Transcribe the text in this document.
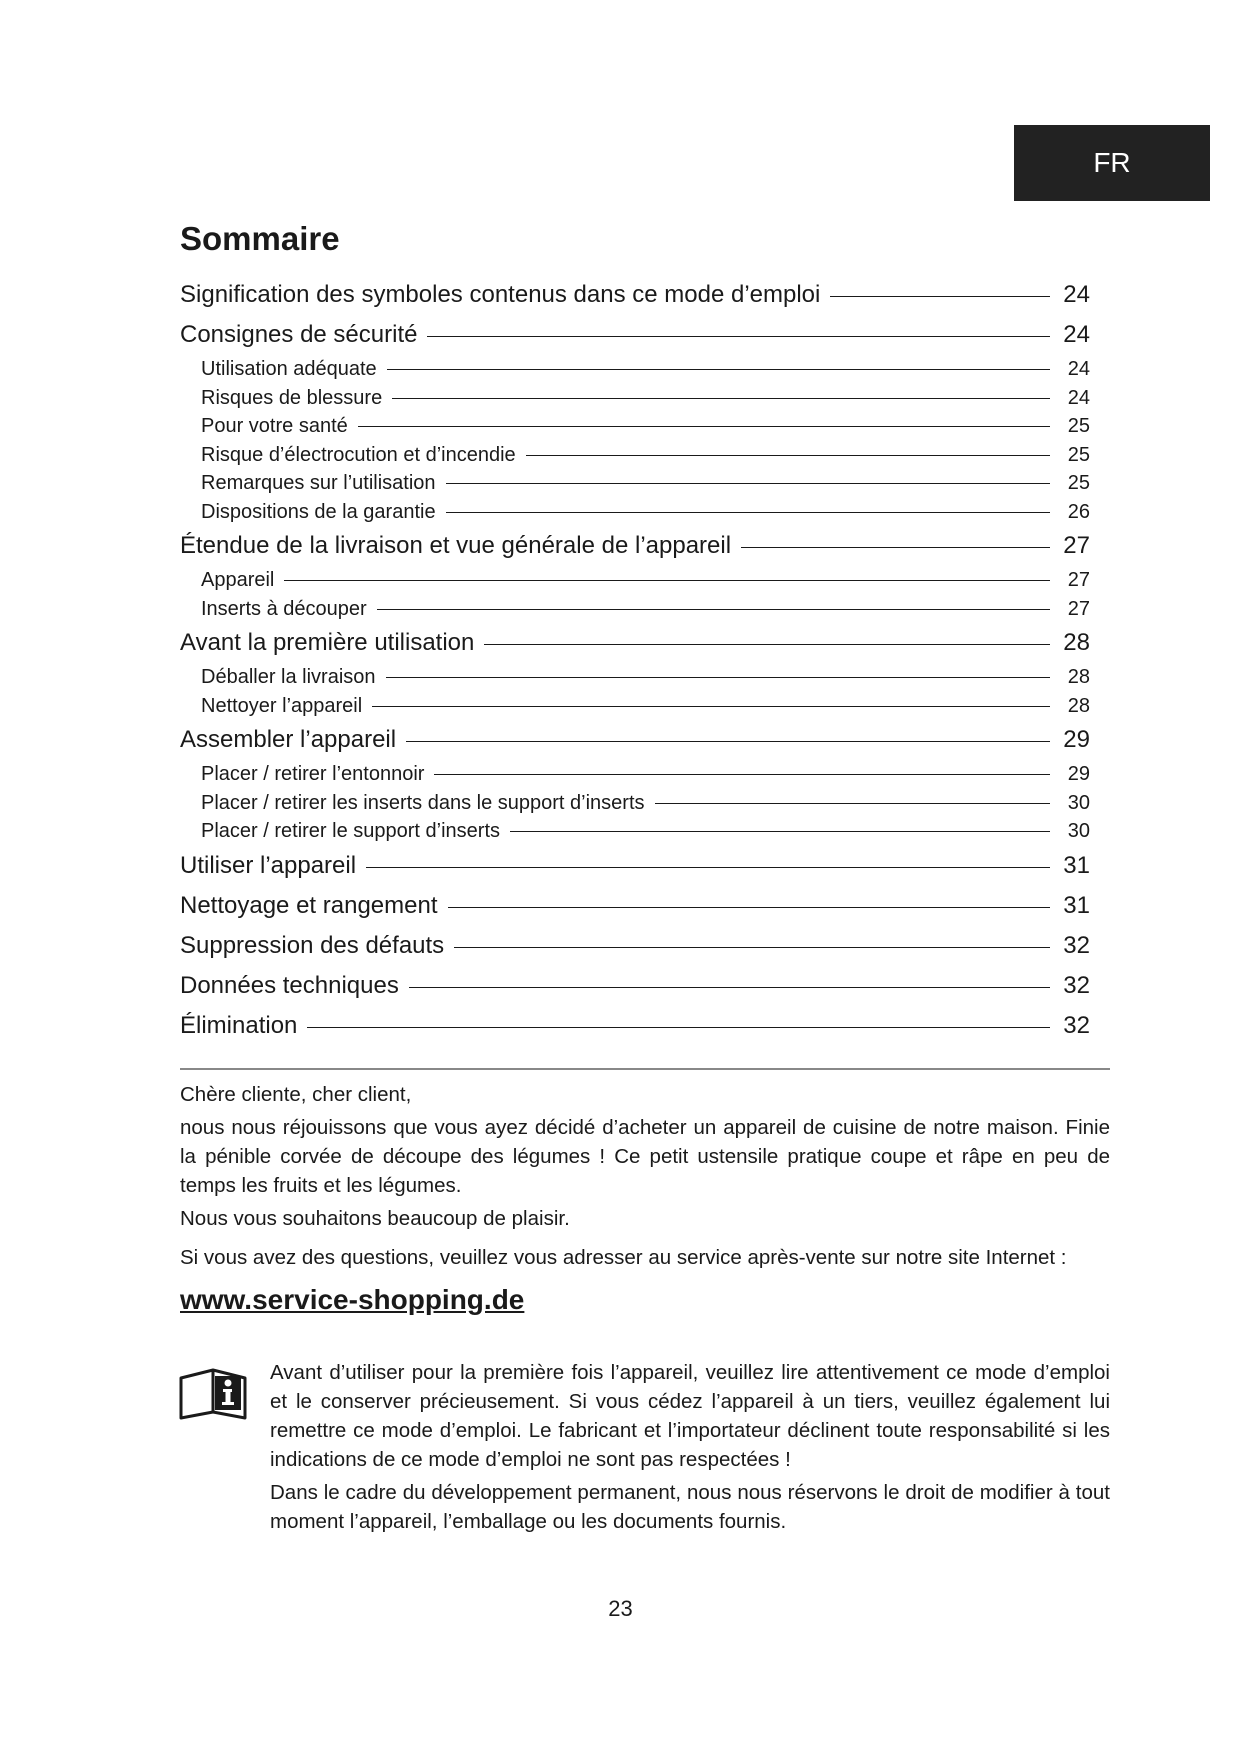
FR
Sommaire
Signification des symboles contenus dans ce mode d’emploi	24
Consignes de sécurité	24
Utilisation adéquate	24
Risques de blessure	24
Pour votre santé	25
Risque d’électrocution et d’incendie	25
Remarques sur l’utilisation	25
Dispositions de la garantie	26
Étendue de la livraison et vue générale de l’appareil	27
Appareil	27
Inserts à découper	27
Avant la première utilisation	28
Déballer la livraison	28
Nettoyer l’appareil	28
Assembler l’appareil	29
Placer / retirer l’entonnoir	29
Placer / retirer les inserts dans le support d’inserts	30
Placer / retirer le support d’inserts	30
Utiliser l’appareil	31
Nettoyage et rangement	31
Suppression des défauts	32
Données techniques	32
Élimination	32

Chère cliente, cher client,

nous nous réjouissons que vous ayez décidé d’acheter un appareil de cuisine de notre maison. Finie la pénible corvée de découpe des légumes ! Ce petit ustensile pratique coupe et râpe en peu de temps les fruits et les légumes.

Nous vous souhaitons beaucoup de plaisir.

Si vous avez des questions, veuillez vous adresser au service après-vente sur notre site Internet :

www.service-shopping.de

Avant d’utiliser pour la première fois l’appareil, veuillez lire attentivement ce mode d’emploi et le conserver précieusement. Si vous cédez l’appareil à un tiers, veuillez également lui remettre ce mode d’emploi. Le fabricant et l’importateur déclinent toute responsabilité si les indications de ce mode d’emploi ne sont pas respectées !

Dans le cadre du développement permanent, nous nous réservons le droit de modifier à tout moment l’appareil, l’emballage ou les documents fournis.

23
